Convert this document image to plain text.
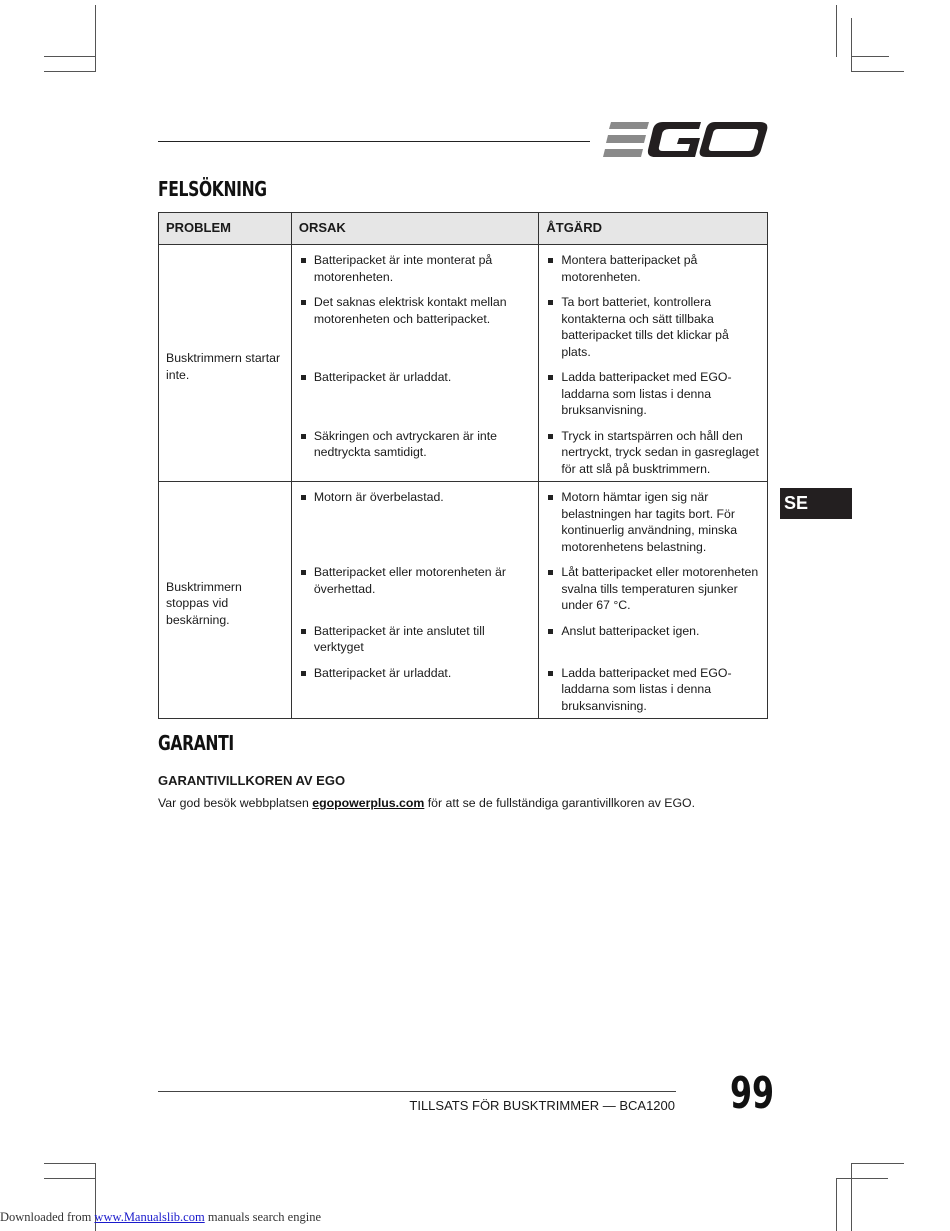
FELSÖKNING
PROBLEM	ORSAK	ÅTGÄRD
Busktrimmern startar inte.	Batteripacket är inte monterat på motorenheten.	Montera batteripacket på motorenheten.

	Det saknas elektrisk kontakt mellan motorenheten och batteripacket.	Ta bort batteriet, kontrollera kontakterna och sätt tillbaka batteripacket tills det klickar på plats.

	Batteripacket är urladdat.	Ladda batteripacket med EGO-laddarna som listas i denna bruksanvisning.

	Säkringen och avtryckaren är inte nedtryckta samtidigt.	Tryck in startspärren och håll den nertryckt, tryck sedan in gasreglaget för att slå på busktrimmern.

Busktrimmern stoppas vid beskärning.	Motorn är överbelastad.	Motorn hämtar igen sig när belastningen har tagits bort. För kontinuerlig användning, minska motorenhetens belastning.

	Batteripacket eller motorenheten är överhettad.	Låt batteripacket eller motorenheten svalna tills temperaturen sjunker under 67 °C.

	Batteripacket är inte anslutet till verktyget	Anslut batteripacket igen.

	Batteripacket är urladdat.	Ladda batteripacket med EGO-laddarna som listas i denna bruksanvisning.
SE
GARANTI
GARANTIVILLKOREN AV EGO

Var god besök webbplatsen egopowerplus.com för att se de fullständiga garantivillkoren av EGO.

TILLSATS FÖR BUSKTRIMMER — BCA1200 99
Downloaded from www.Manualslib.com manuals search engine
